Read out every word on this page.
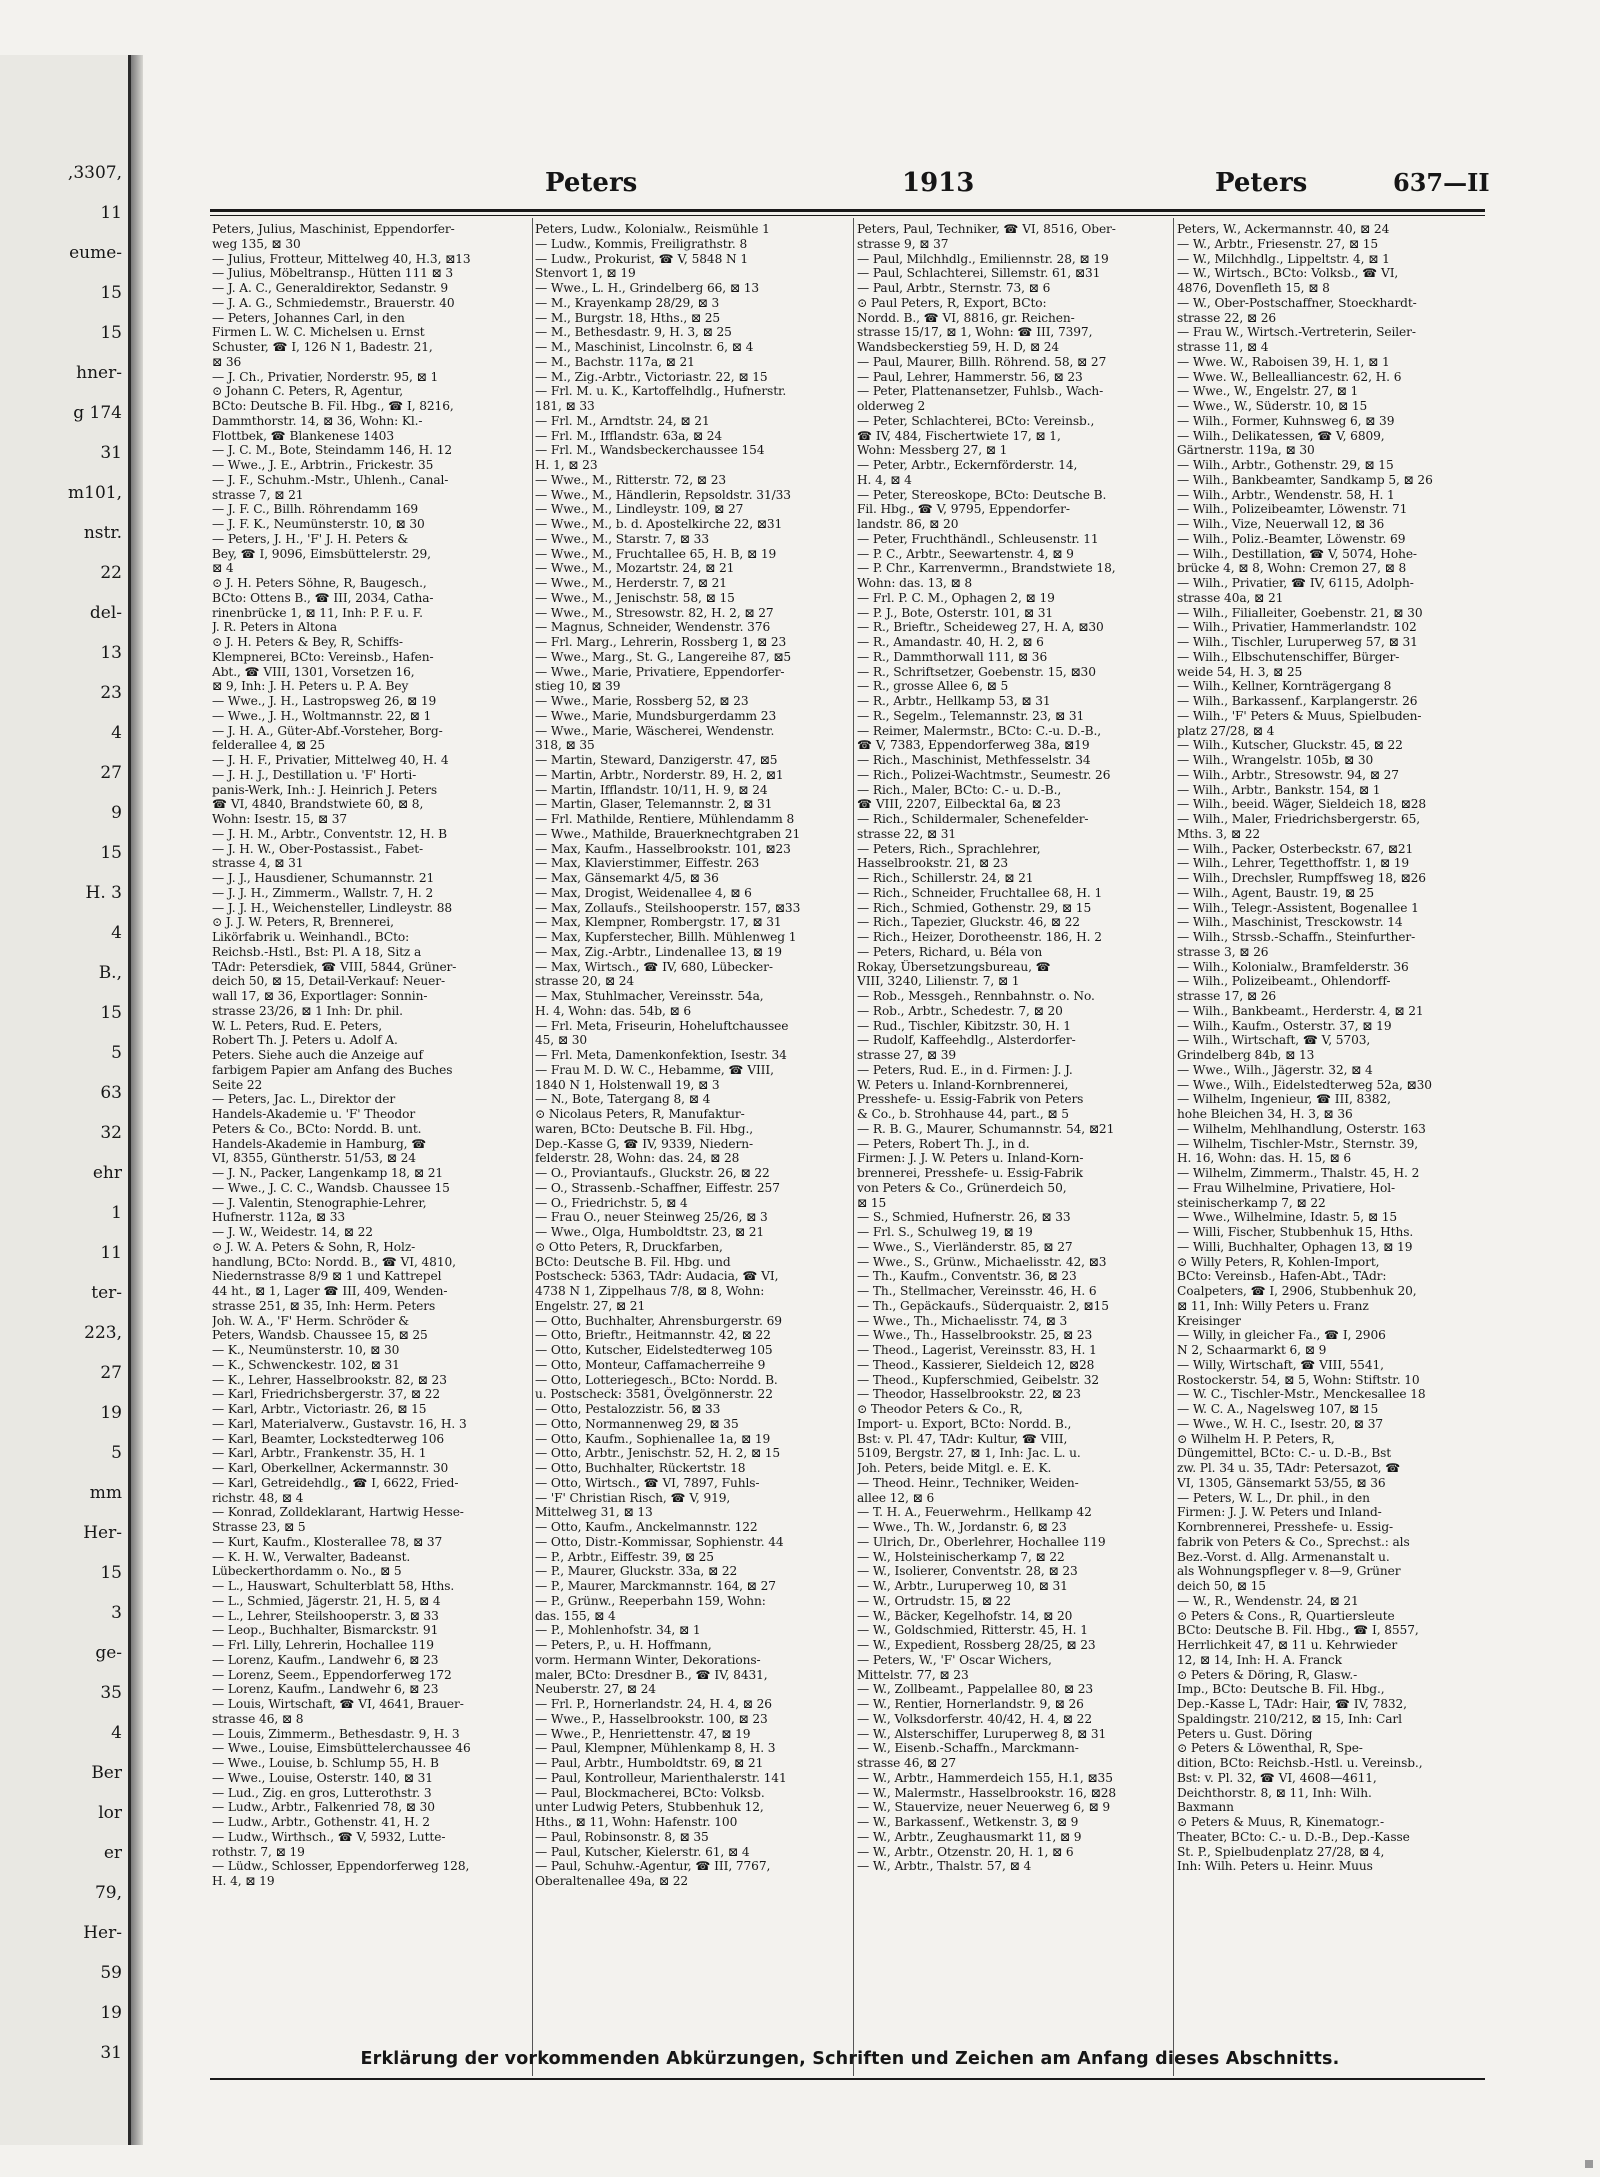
,3307,
11
eume-
15
15
hner-
g 174
31
m101,
nstr.
22
del-
13
23
4
27
9
15
H. 3
4
B.,
15
5
63
32
ehr
1
11
ter-
223,
27
19
5
mm
Her-
15
3
ge-
35
4
Ber
lor
er
79,
Her-
59
19
31
Peters	1913	Peters	637—II
Peters, Julius, Maschinist, Eppendorfer-
weg 135, ⊠ 30
— Julius, Frotteur, Mittelweg 40, H.3, ⊠13
— Julius, Möbeltransp., Hütten 111 ⊠ 3
— J. A. C., Generaldirektor, Sedanstr. 9
— J. A. G., Schmiedemstr., Brauerstr. 40
— Peters, Johannes Carl, in den
Firmen L. W. C. Michelsen u. Ernst
Schuster, ☎ I, 126 N 1, Badestr. 21,
⊠ 36
— J. Ch., Privatier, Norderstr. 95, ⊠ 1
⊙ Johann C. Peters, R, Agentur,
BCto: Deutsche B. Fil. Hbg., ☎ I, 8216,
Dammthorstr. 14, ⊠ 36, Wohn: Kl.-
Flottbek, ☎ Blankenese 1403
— J. C. M., Bote, Steindamm 146, H. 12
— Wwe., J. E., Arbtrin., Frickestr. 35
— J. F., Schuhm.-Mstr., Uhlenh., Canal-
strasse 7, ⊠ 21
— J. F. C., Billh. Röhrendamm 169
— J. F. K., Neumünsterstr. 10, ⊠ 30
— Peters, J. H., 'F' J. H. Peters &
Bey, ☎ I, 9096, Eimsbüttelerstr. 29,
⊠ 4
⊙ J. H. Peters Söhne, R, Baugesch.,
BCto: Ottens B., ☎ III, 2034, Catha-
rinenbrücke 1, ⊠ 11, Inh: P. F. u. F.
J. R. Peters in Altona
⊙ J. H. Peters & Bey, R, Schiffs-
Klempnerei, BCto: Vereinsb., Hafen-
Abt., ☎ VIII, 1301, Vorsetzen 16,
⊠ 9, Inh: J. H. Peters u. P. A. Bey
— Wwe., J. H., Lastropsweg 26, ⊠ 19
— Wwe., J. H., Woltmannstr. 22, ⊠ 1
— J. H. A., Güter-Abf.-Vorsteher, Borg-
felderallee 4, ⊠ 25
— J. H. F., Privatier, Mittelweg 40, H. 4
— J. H. J., Destillation u. 'F' Horti-
panis-Werk, Inh.: J. Heinrich J. Peters
☎ VI, 4840, Brandstwiete 60, ⊠ 8,
Wohn: Isestr. 15, ⊠ 37
— J. H. M., Arbtr., Conventstr. 12, H. B
— J. H. W., Ober-Postassist., Fabet-
strasse 4, ⊠ 31
— J. J., Hausdiener, Schumannstr. 21
— J. J. H., Zimmerm., Wallstr. 7, H. 2
— J. J. H., Weichensteller, Lindleystr. 88
⊙ J. J. W. Peters, R, Brennerei,
Likörfabrik u. Weinhandl., BCto:
Reichsb.-Hstl., Bst: Pl. A 18, Sitz a
TAdr: Petersdiek, ☎ VIII, 5844, Grüner-
deich 50, ⊠ 15, Detail-Verkauf: Neuer-
wall 17, ⊠ 36, Exportlager: Sonnin-
strasse 23/26, ⊠ 1 Inh: Dr. phil.
W. L. Peters, Rud. E. Peters,
Robert Th. J. Peters u. Adolf A.
Peters. Siehe auch die Anzeige auf
farbigem Papier am Anfang des Buches
Seite 22
— Peters, Jac. L., Direktor der
Handels-Akademie u. 'F' Theodor
Peters & Co., BCto: Nordd. B. unt.
Handels-Akademie in Hamburg, ☎
VI, 8355, Güntherstr. 51/53, ⊠ 24
— J. N., Packer, Langenkamp 18, ⊠ 21
— Wwe., J. C. C., Wandsb. Chaussee 15
— J. Valentin, Stenographie-Lehrer,
Hufnerstr. 112a, ⊠ 33
— J. W., Weidestr. 14, ⊠ 22
⊙ J. W. A. Peters & Sohn, R, Holz-
handlung, BCto: Nordd. B., ☎ VI, 4810,
Niedernstrasse 8/9 ⊠ 1 und Kattrepel
44 ht., ⊠ 1, Lager ☎ III, 409, Wenden-
strasse 251, ⊠ 35, Inh: Herm. Peters
Joh. W. A., 'F' Herm. Schröder &
Peters, Wandsb. Chaussee 15, ⊠ 25
— K., Neumünsterstr. 10, ⊠ 30
— K., Schwenckestr. 102, ⊠ 31
— K., Lehrer, Hasselbrookstr. 82, ⊠ 23
— Karl, Friedrichsbergerstr. 37, ⊠ 22
— Karl, Arbtr., Victoriastr. 26, ⊠ 15
— Karl, Materialverw., Gustavstr. 16, H. 3
— Karl, Beamter, Lockstedterweg 106
— Karl, Arbtr., Frankenstr. 35, H. 1
— Karl, Oberkellner, Ackermannstr. 30
— Karl, Getreidehdlg., ☎ I, 6622, Fried-
richstr. 48, ⊠ 4
— Konrad, Zolldeklarant, Hartwig Hesse-
Strasse 23, ⊠ 5
— Kurt, Kaufm., Klosterallee 78, ⊠ 37
— K. H. W., Verwalter, Badeanst.
Lübeckerthordamm o. No., ⊠ 5
— L., Hauswart, Schulterblatt 58, Hths.
— L., Schmied, Jägerstr. 21, H. 5, ⊠ 4
— L., Lehrer, Steilshooperstr. 3, ⊠ 33
— Leop., Buchhalter, Bismarckstr. 91
— Frl. Lilly, Lehrerin, Hochallee 119
— Lorenz, Kaufm., Landwehr 6, ⊠ 23
— Lorenz, Seem., Eppendorferweg 172
— Lorenz, Kaufm., Landwehr 6, ⊠ 23
— Louis, Wirtschaft, ☎ VI, 4641, Brauer-
strasse 46, ⊠ 8
— Louis, Zimmerm., Bethesdastr. 9, H. 3
— Wwe., Louise, Eimsbüttelerchaussee 46
— Wwe., Louise, b. Schlump 55, H. B
— Wwe., Louise, Osterstr. 140, ⊠ 31
— Lud., Zig. en gros, Lutterothstr. 3
— Ludw., Arbtr., Falkenried 78, ⊠ 30
— Ludw., Arbtr., Gothenstr. 41, H. 2
— Ludw., Wirthsch., ☎ V, 5932, Lutte-
rothstr. 7, ⊠ 19
— Lüdw., Schlosser, Eppendorferweg 128,
H. 4, ⊠ 19
Peters, Ludw., Kolonialw., Reismühle 1
— Ludw., Kommis, Freiligrathstr. 8
— Ludw., Prokurist, ☎ V, 5848 N 1
Stenvort 1, ⊠ 19
— Wwe., L. H., Grindelberg 66, ⊠ 13
— M., Krayenkamp 28/29, ⊠ 3
— M., Burgstr. 18, Hths., ⊠ 25
— M., Bethesdastr. 9, H. 3, ⊠ 25
— M., Maschinist, Lincolnstr. 6, ⊠ 4
— M., Bachstr. 117a, ⊠ 21
— M., Zig.-Arbtr., Victoriastr. 22, ⊠ 15
— Frl. M. u. K., Kartoffelhdlg., Hufnerstr.
181, ⊠ 33
— Frl. M., Arndtstr. 24, ⊠ 21
— Frl. M., Ifflandstr. 63a, ⊠ 24
— Frl. M., Wandsbeckerchaussee 154
H. 1, ⊠ 23
— Wwe., M., Ritterstr. 72, ⊠ 23
— Wwe., M., Händlerin, Repsoldstr. 31/33
— Wwe., M., Lindleystr. 109, ⊠ 27
— Wwe., M., b. d. Apostelkirche 22, ⊠31
— Wwe., M., Starstr. 7, ⊠ 33
— Wwe., M., Fruchtallee 65, H. B, ⊠ 19
— Wwe., M., Mozartstr. 24, ⊠ 21
— Wwe., M., Herderstr. 7, ⊠ 21
— Wwe., M., Jenischstr. 58, ⊠ 15
— Wwe., M., Stresowstr. 82, H. 2, ⊠ 27
— Magnus, Schneider, Wendenstr. 376
— Frl. Marg., Lehrerin, Rossberg 1, ⊠ 23
— Wwe., Marg., St. G., Langereihe 87, ⊠5
— Wwe., Marie, Privatiere, Eppendorfer-
stieg 10, ⊠ 39
— Wwe., Marie, Rossberg 52, ⊠ 23
— Wwe., Marie, Mundsburgerdamm 23
— Wwe., Marie, Wäscherei, Wendenstr.
318, ⊠ 35
— Martin, Steward, Danzigerstr. 47, ⊠5
— Martin, Arbtr., Norderstr. 89, H. 2, ⊠1
— Martin, Ifflandstr. 10/11, H. 9, ⊠ 24
— Martin, Glaser, Telemannstr. 2, ⊠ 31
— Frl. Mathilde, Rentiere, Mühlendamm 8
— Wwe., Mathilde, Brauerknechtgraben 21
— Max, Kaufm., Hasselbrookstr. 101, ⊠23
— Max, Klavierstimmer, Eiffestr. 263
— Max, Gänsemarkt 4/5, ⊠ 36
— Max, Drogist, Weidenallee 4, ⊠ 6
— Max, Zollaufs., Steilshooperstr. 157, ⊠33
— Max, Klempner, Rombergstr. 17, ⊠ 31
— Max, Kupferstecher, Billh. Mühlenweg 1
— Max, Zig.-Arbtr., Lindenallee 13, ⊠ 19
— Max, Wirtsch., ☎ IV, 680, Lübecker-
strasse 20, ⊠ 24
— Max, Stuhlmacher, Vereinsstr. 54a,
H. 4, Wohn: das. 54b, ⊠ 6
— Frl. Meta, Friseurin, Hoheluftchaussee
45, ⊠ 30
— Frl. Meta, Damenkonfektion, Isestr. 34
— Frau M. D. W. C., Hebamme, ☎ VIII,
1840 N 1, Holstenwall 19, ⊠ 3
— N., Bote, Tatergang 8, ⊠ 4
⊙ Nicolaus Peters, R, Manufaktur-
waren, BCto: Deutsche B. Fil. Hbg.,
Dep.-Kasse G, ☎ IV, 9339, Niedern-
felderstr. 28, Wohn: das. 24, ⊠ 28
— O., Proviantaufs., Gluckstr. 26, ⊠ 22
— O., Strassenb.-Schaffner, Eiffestr. 257
— O., Friedrichstr. 5, ⊠ 4
— Frau O., neuer Steinweg 25/26, ⊠ 3
— Wwe., Olga, Humboldtstr. 23, ⊠ 21
⊙ Otto Peters, R, Druckfarben,
BCto: Deutsche B. Fil. Hbg. und
Postscheck: 5363, TAdr: Audacia, ☎ VI,
4738 N 1, Zippelhaus 7/8, ⊠ 8, Wohn:
Engelstr. 27, ⊠ 21
— Otto, Buchhalter, Ahrensburgerstr. 69
— Otto, Brieftr., Heitmannstr. 42, ⊠ 22
— Otto, Kutscher, Eidelstedterweg 105
— Otto, Monteur, Caffamacherreihe 9
— Otto, Lotteriegesch., BCto: Nordd. B.
u. Postscheck: 3581, Övelgönnerstr. 22
— Otto, Pestalozzistr. 56, ⊠ 33
— Otto, Normannenweg 29, ⊠ 35
— Otto, Kaufm., Sophienallee 1a, ⊠ 19
— Otto, Arbtr., Jenischstr. 52, H. 2, ⊠ 15
— Otto, Buchhalter, Rückertstr. 18
— Otto, Wirtsch., ☎ VI, 7897, Fuhls-
— 'F' Christian Risch, ☎ V, 919,
Mittelweg 31, ⊠ 13
— Otto, Kaufm., Anckelmannstr. 122
— Otto, Distr.-Kommissar, Sophienstr. 44
— P., Arbtr., Eiffestr. 39, ⊠ 25
— P., Maurer, Gluckstr. 33a, ⊠ 22
— P., Maurer, Marckmannstr. 164, ⊠ 27
— P., Grünw., Reeperbahn 159, Wohn:
das. 155, ⊠ 4
— P., Mohlenhofstr. 34, ⊠ 1
— Peters, P., u. H. Hoffmann,
vorm. Hermann Winter, Dekorations-
maler, BCto: Dresdner B., ☎ IV, 8431,
Neuberstr. 27, ⊠ 24
— Frl. P., Hornerlandstr. 24, H. 4, ⊠ 26
— Wwe., P., Hasselbrookstr. 100, ⊠ 23
— Wwe., P., Henriettenstr. 47, ⊠ 19
— Paul, Klempner, Mühlenkamp 8, H. 3
— Paul, Arbtr., Humboldtstr. 69, ⊠ 21
— Paul, Kontrolleur, Marienthalerstr. 141
— Paul, Blockmacherei, BCto: Volksb.
unter Ludwig Peters, Stubbenhuk 12,
Hths., ⊠ 11, Wohn: Hafenstr. 100
— Paul, Robinsonstr. 8, ⊠ 35
— Paul, Kutscher, Kielerstr. 61, ⊠ 4
— Paul, Schuhw.-Agentur, ☎ III, 7767,
Oberaltenallee 49a, ⊠ 22
Peters, Paul, Techniker, ☎ VI, 8516, Ober-
strasse 9, ⊠ 37
— Paul, Milchhdlg., Emiliennstr. 28, ⊠ 19
— Paul, Schlachterei, Sillemstr. 61, ⊠31
— Paul, Arbtr., Sternstr. 73, ⊠ 6
⊙ Paul Peters, R, Export, BCto:
Nordd. B., ☎ VI, 8816, gr. Reichen-
strasse 15/17, ⊠ 1, Wohn: ☎ III, 7397,
Wandsbeckerstieg 59, H. D, ⊠ 24
— Paul, Maurer, Billh. Röhrend. 58, ⊠ 27
— Paul, Lehrer, Hammerstr. 56, ⊠ 23
— Peter, Plattenansetzer, Fuhlsb., Wach-
olderweg 2
— Peter, Schlachterei, BCto: Vereinsb.,
☎ IV, 484, Fischertwiete 17, ⊠ 1,
Wohn: Messberg 27, ⊠ 1
— Peter, Arbtr., Eckernförderstr. 14,
H. 4, ⊠ 4
— Peter, Stereoskope, BCto: Deutsche B.
Fil. Hbg., ☎ V, 9795, Eppendorfer-
landstr. 86, ⊠ 20
— Peter, Fruchthändl., Schleusenstr. 11
— P. C., Arbtr., Seewartenstr. 4, ⊠ 9
— P. Chr., Karrenvermn., Brandstwiete 18,
Wohn: das. 13, ⊠ 8
— Frl. P. C. M., Ophagen 2, ⊠ 19
— P. J., Bote, Osterstr. 101, ⊠ 31
— R., Brieftr., Scheideweg 27, H. A, ⊠30
— R., Amandastr. 40, H. 2, ⊠ 6
— R., Dammthorwall 111, ⊠ 36
— R., Schriftsetzer, Goebenstr. 15, ⊠30
— R., grosse Allee 6, ⊠ 5
— R., Arbtr., Hellkamp 53, ⊠ 31
— R., Segelm., Telemannstr. 23, ⊠ 31
— Reimer, Malermstr., BCto: C.-u. D.-B.,
☎ V, 7383, Eppendorferweg 38a, ⊠19
— Rich., Maschinist, Methfesselstr. 34
— Rich., Polizei-Wachtmstr., Seumestr. 26
— Rich., Maler, BCto: C.- u. D.-B.,
☎ VIII, 2207, Eilbecktal 6a, ⊠ 23
— Rich., Schildermaler, Schenefelder-
strasse 22, ⊠ 31
— Peters, Rich., Sprachlehrer,
Hasselbrookstr. 21, ⊠ 23
— Rich., Schillerstr. 24, ⊠ 21
— Rich., Schneider, Fruchtallee 68, H. 1
— Rich., Schmied, Gothenstr. 29, ⊠ 15
— Rich., Tapezier, Gluckstr. 46, ⊠ 22
— Rich., Heizer, Dorotheenstr. 186, H. 2
— Peters, Richard, u. Béla von
Rokay, Übersetzungsbureau, ☎
VIII, 3240, Lilienstr. 7, ⊠ 1
— Rob., Messgeh., Rennbahnstr. o. No.
— Rob., Arbtr., Schedestr. 7, ⊠ 20
— Rud., Tischler, Kibitzstr. 30, H. 1
— Rudolf, Kaffeehdlg., Alsterdorfer-
strasse 27, ⊠ 39
— Peters, Rud. E., in d. Firmen: J. J.
W. Peters u. Inland-Kornbrennerei,
Presshefe- u. Essig-Fabrik von Peters
& Co., b. Strohhause 44, part., ⊠ 5
— R. B. G., Maurer, Schumannstr. 54, ⊠21
— Peters, Robert Th. J., in d.
Firmen: J. J. W. Peters u. Inland-Korn-
brennerei, Presshefe- u. Essig-Fabrik
von Peters & Co., Grünerdeich 50,
⊠ 15
— S., Schmied, Hufnerstr. 26, ⊠ 33
— Frl. S., Schulweg 19, ⊠ 19
— Wwe., S., Vierländerstr. 85, ⊠ 27
— Wwe., S., Grünw., Michaelisstr. 42, ⊠3
— Th., Kaufm., Conventstr. 36, ⊠ 23
— Th., Stellmacher, Vereinsstr. 46, H. 6
— Th., Gepäckaufs., Süderquaistr. 2, ⊠15
— Wwe., Th., Michaelisstr. 74, ⊠ 3
— Wwe., Th., Hasselbrookstr. 25, ⊠ 23
— Theod., Lagerist, Vereinsstr. 83, H. 1
— Theod., Kassierer, Sieldeich 12, ⊠28
— Theod., Kupferschmied, Geibelstr. 32
— Theodor, Hasselbrookstr. 22, ⊠ 23
⊙ Theodor Peters & Co., R,
Import- u. Export, BCto: Nordd. B.,
Bst: v. Pl. 47, TAdr: Kultur, ☎ VIII,
5109, Bergstr. 27, ⊠ 1, Inh: Jac. L. u.
Joh. Peters, beide Mitgl. e. E. K.
— Theod. Heinr., Techniker, Weiden-
allee 12, ⊠ 6
— T. H. A., Feuerwehrm., Hellkamp 42
— Wwe., Th. W., Jordanstr. 6, ⊠ 23
— Ulrich, Dr., Oberlehrer, Hochallee 119
— W., Holsteinischerkamp 7, ⊠ 22
— W., Isolierer, Conventstr. 28, ⊠ 23
— W., Arbtr., Luruperweg 10, ⊠ 31
— W., Ortrudstr. 15, ⊠ 22
— W., Bäcker, Kegelhofstr. 14, ⊠ 20
— W., Goldschmied, Ritterstr. 45, H. 1
— W., Expedient, Rossberg 28/25, ⊠ 23
— Peters, W., 'F' Oscar Wichers,
Mittelstr. 77, ⊠ 23
— W., Zollbeamt., Pappelallee 80, ⊠ 23
— W., Rentier, Hornerlandstr. 9, ⊠ 26
— W., Volksdorferstr. 40/42, H. 4, ⊠ 22
— W., Alsterschiffer, Luruperweg 8, ⊠ 31
— W., Eisenb.-Schaffn., Marckmann-
strasse 46, ⊠ 27
— W., Arbtr., Hammerdeich 155, H.1, ⊠35
— W., Malermstr., Hasselbrookstr. 16, ⊠28
— W., Stauervize, neuer Neuerweg 6, ⊠ 9
— W., Barkassenf., Wetkenstr. 3, ⊠ 9
— W., Arbtr., Zeughausmarkt 11, ⊠ 9
— W., Arbtr., Otzenstr. 20, H. 1, ⊠ 6
— W., Arbtr., Thalstr. 57, ⊠ 4
Peters, W., Ackermannstr. 40, ⊠ 24
— W., Arbtr., Friesenstr. 27, ⊠ 15
— W., Milchhdlg., Lippeltstr. 4, ⊠ 1
— W., Wirtsch., BCto: Volksb., ☎ VI,
4876, Dovenfleth 15, ⊠ 8
— W., Ober-Postschaffner, Stoeckhardt-
strasse 22, ⊠ 26
— Frau W., Wirtsch.-Vertreterin, Seiler-
strasse 11, ⊠ 4
— Wwe. W., Raboisen 39, H. 1, ⊠ 1
— Wwe. W., Bellealliancestr. 62, H. 6
— Wwe., W., Engelstr. 27, ⊠ 1
— Wwe., W., Süderstr. 10, ⊠ 15
— Wilh., Former, Kuhnsweg 6, ⊠ 39
— Wilh., Delikatessen, ☎ V, 6809,
Gärtnerstr. 119a, ⊠ 30
— Wilh., Arbtr., Gothenstr. 29, ⊠ 15
— Wilh., Bankbeamter, Sandkamp 5, ⊠ 26
— Wilh., Arbtr., Wendenstr. 58, H. 1
— Wilh., Polizeibeamter, Löwenstr. 71
— Wilh., Vize, Neuerwall 12, ⊠ 36
— Wilh., Poliz.-Beamter, Löwenstr. 69
— Wilh., Destillation, ☎ V, 5074, Hohe-
brücke 4, ⊠ 8, Wohn: Cremon 27, ⊠ 8
— Wilh., Privatier, ☎ IV, 6115, Adolph-
strasse 40a, ⊠ 21
— Wilh., Filialleiter, Goebenstr. 21, ⊠ 30
— Wilh., Privatier, Hammerlandstr. 102
— Wilh., Tischler, Luruperweg 57, ⊠ 31
— Wilh., Elbschutenschiffer, Bürger-
weide 54, H. 3, ⊠ 25
— Wilh., Kellner, Kornträgergang 8
— Wilh., Barkassenf., Karplangerstr. 26
— Wilh., 'F' Peters & Muus, Spielbuden-
platz 27/28, ⊠ 4
— Wilh., Kutscher, Gluckstr. 45, ⊠ 22
— Wilh., Wrangelstr. 105b, ⊠ 30
— Wilh., Arbtr., Stresowstr. 94, ⊠ 27
— Wilh., Arbtr., Bankstr. 154, ⊠ 1
— Wilh., beeid. Wäger, Sieldeich 18, ⊠28
— Wilh., Maler, Friedrichsbergerstr. 65,
Mths. 3, ⊠ 22
— Wilh., Packer, Osterbeckstr. 67, ⊠21
— Wilh., Lehrer, Tegetthoffstr. 1, ⊠ 19
— Wilh., Drechsler, Rumpffsweg 18, ⊠26
— Wilh., Agent, Baustr. 19, ⊠ 25
— Wilh., Telegr.-Assistent, Bogenallee 1
— Wilh., Maschinist, Tresckowstr. 14
— Wilh., Strssb.-Schaffn., Steinfurther-
strasse 3, ⊠ 26
— Wilh., Kolonialw., Bramfelderstr. 36
— Wilh., Polizeibeamt., Ohlendorff-
strasse 17, ⊠ 26
— Wilh., Bankbeamt., Herderstr. 4, ⊠ 21
— Wilh., Kaufm., Osterstr. 37, ⊠ 19
— Wilh., Wirtschaft, ☎ V, 5703,
Grindelberg 84b, ⊠ 13
— Wwe., Wilh., Jägerstr. 32, ⊠ 4
— Wwe., Wilh., Eidelstedterweg 52a, ⊠30
— Wilhelm, Ingenieur, ☎ III, 8382,
hohe Bleichen 34, H. 3, ⊠ 36
— Wilhelm, Mehlhandlung, Osterstr. 163
— Wilhelm, Tischler-Mstr., Sternstr. 39,
H. 16, Wohn: das. H. 15, ⊠ 6
— Wilhelm, Zimmerm., Thalstr. 45, H. 2
— Frau Wilhelmine, Privatiere, Hol-
steinischerkamp 7, ⊠ 22
— Wwe., Wilhelmine, Idastr. 5, ⊠ 15
— Willi, Fischer, Stubbenhuk 15, Hths.
— Willi, Buchhalter, Ophagen 13, ⊠ 19
⊙ Willy Peters, R, Kohlen-Import,
BCto: Vereinsb., Hafen-Abt., TAdr:
Coalpeters, ☎ I, 2906, Stubbenhuk 20,
⊠ 11, Inh: Willy Peters u. Franz
Kreisinger
— Willy, in gleicher Fa., ☎ I, 2906
N 2, Schaarmarkt 6, ⊠ 9
— Willy, Wirtschaft, ☎ VIII, 5541,
Rostockerstr. 54, ⊠ 5, Wohn: Stiftstr. 10
— W. C., Tischler-Mstr., Menckesallee 18
— W. C. A., Nagelsweg 107, ⊠ 15
— Wwe., W. H. C., Isestr. 20, ⊠ 37
⊙ Wilhelm H. P. Peters, R,
Düngemittel, BCto: C.- u. D.-B., Bst
zw. Pl. 34 u. 35, TAdr: Petersazot, ☎
VI, 1305, Gänsemarkt 53/55, ⊠ 36
— Peters, W. L., Dr. phil., in den
Firmen: J. J. W. Peters und Inland-
Kornbrennerei, Presshefe- u. Essig-
fabrik von Peters & Co., Sprechst.: als
Bez.-Vorst. d. Allg. Armenanstalt u.
als Wohnungspfleger v. 8—9, Grüner
deich 50, ⊠ 15
— W., R., Wendenstr. 24, ⊠ 21
⊙ Peters & Cons., R, Quartiersleute
BCto: Deutsche B. Fil. Hbg., ☎ I, 8557,
Herrlichkeit 47, ⊠ 11 u. Kehrwieder
12, ⊠ 14, Inh: H. A. Franck
⊙ Peters & Döring, R, Glasw.-
Imp., BCto: Deutsche B. Fil. Hbg.,
Dep.-Kasse L, TAdr: Hair, ☎ IV, 7832,
Spaldingstr. 210/212, ⊠ 15, Inh: Carl
Peters u. Gust. Döring
⊙ Peters & Löwenthal, R, Spe-
dition, BCto: Reichsb.-Hstl. u. Vereinsb.,
Bst: v. Pl. 32, ☎ VI, 4608—4611,
Deichthorstr. 8, ⊠ 11, Inh: Wilh.
Baxmann
⊙ Peters & Muus, R, Kinematogr.-
Theater, BCto: C.- u. D.-B., Dep.-Kasse
St. P., Spielbudenplatz 27/28, ⊠ 4,
Inh: Wilh. Peters u. Heinr. Muus
Erklärung der vorkommenden Abkürzungen, Schriften und Zeichen am Anfang dieses Abschnitts.
